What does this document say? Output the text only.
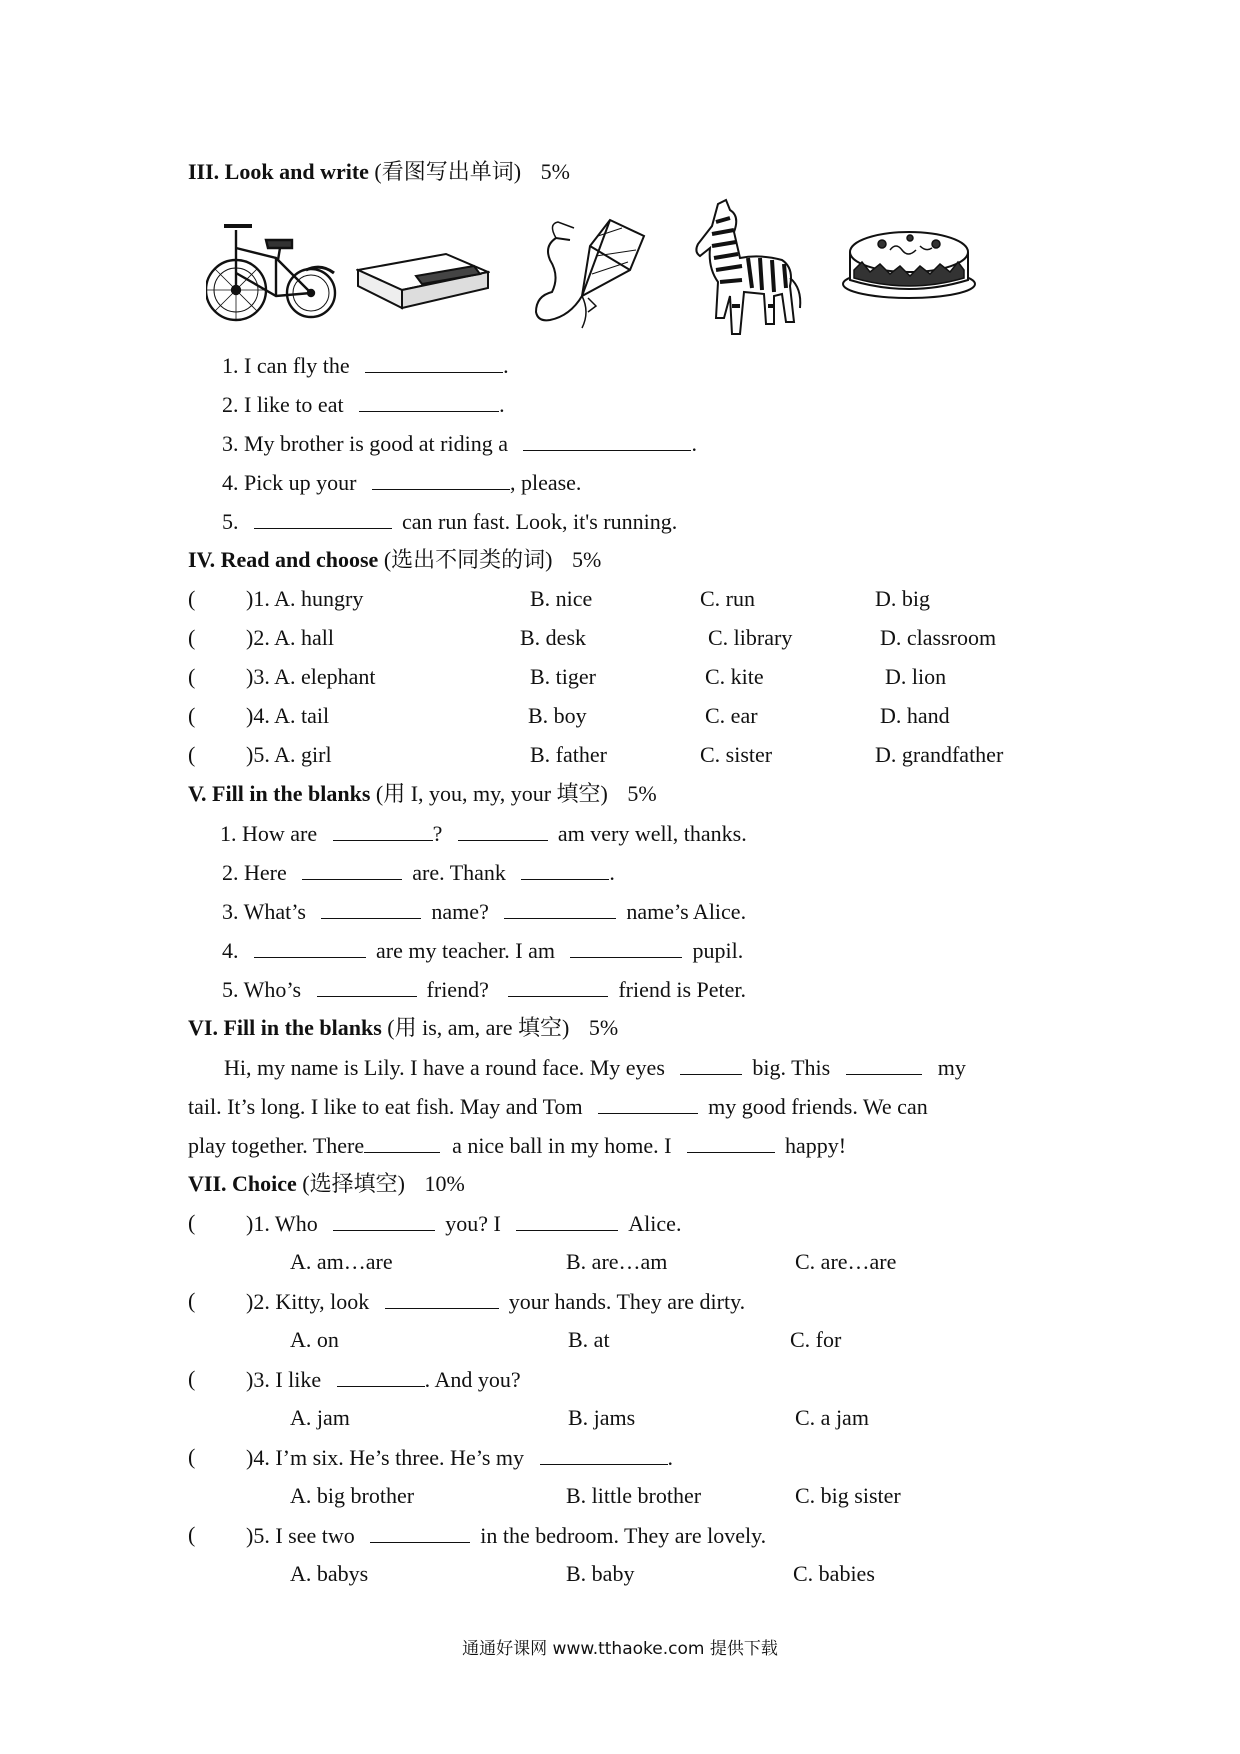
III. Look and write (看图写出单词) 5%
1. I can fly the	.
2. I like to eat	.
3. My brother is good at riding a	.
4. Pick up your	, please.
5.	can run fast. Look, it's running.
IV. Read and choose (选出不同类的词) 5%
( )1. A. hungry	B. nice	C. run	D. big
( )2. A. hall	B. desk	C. library	D. classroom
( )3. A. elephant	B. tiger	C. kite	D. lion
( )4. A. tail	B. boy	C. ear	D. hand
( )5. A. girl	B. father	C. sister	D. grandfather
V. Fill in the blanks (用 I, you, my, your 填空) 5%
1. How are	?	am very well, thanks.
2. Here	are. Thank	.
3. What’s	name?	name’s Alice.
4.	are my teacher. I am	pupil.
5. Who’s	friend?	friend is Peter.
VI. Fill in the blanks (用 is, am, are 填空) 5%
Hi, my name is Lily. I have a round face. My eyes	big. This	my
tail. It’s long. I like to eat fish. May and Tom	my good friends. We can
play together. There	a nice ball in my home. I	happy!
VII. Choice (选择填空) 10%
( )1. Who	you? I	Alice.
A. am…are	B. are…am	C. are…are
( )2. Kitty, look	your hands. They are dirty.
A. on	B. at	C. for
( )3. I like	. And you?
A. jam	B. jams	C. a jam
( )4. I’m six. He’s three. He’s my	.
A. big brother	B. little brother	C. big sister
( )5. I see two	in the bedroom. They are lovely.
A. babys	B. baby	C. babies
通通好课网 www.tthaoke.com 提供下载
